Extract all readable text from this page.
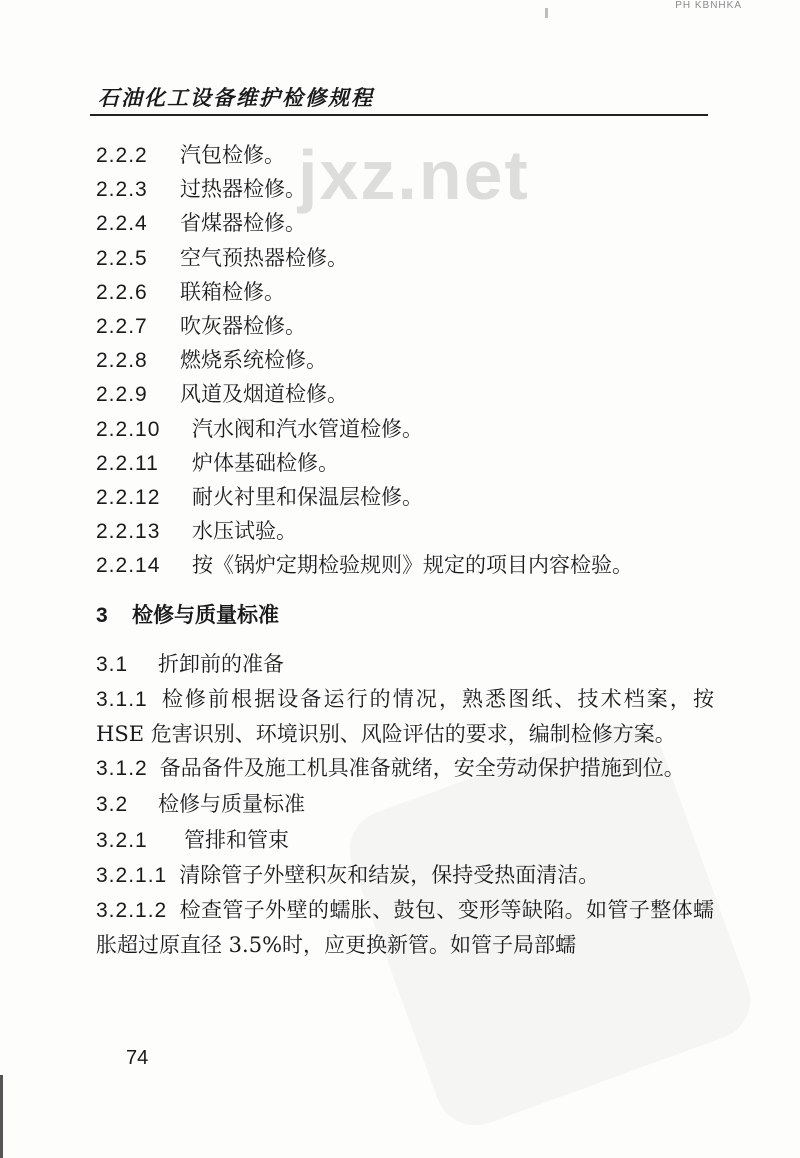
PH KBNHKA
石油化工设备维护检修规程
jxz.net
2.2.2 汽包检修。
2.2.3 过热器检修。
2.2.4 省煤器检修。
2.2.5 空气预热器检修。
2.2.6 联箱检修。
2.2.7 吹灰器检修。
2.2.8 燃烧系统检修。
2.2.9 风道及烟道检修。
2.2.10 汽水阀和汽水管道检修。
2.2.11 炉体基础检修。
2.2.12 耐火衬里和保温层检修。
2.2.13 水压试验。
2.2.14 按《锅炉定期检验规则》规定的项目内容检验。
3 检修与质量标准
3.1 折卸前的准备

3.1.1 检修前根据设备运行的情况，熟悉图纸、技术档案，按 HSE 危害识别、环境识别、风险评估的要求，编制检修方案。

3.1.2 备品备件及施工机具准备就绪，安全劳动保护措施到位。

3.2 检修与质量标准
3.2.1 管排和管束

3.2.1.1 清除管子外壁积灰和结炭，保持受热面清洁。

3.2.1.2 检查管子外壁的蠕胀、鼓包、变形等缺陷。如管子整体蠕胀超过原直径 3.5%时，应更换新管。如管子局部蠕

74
